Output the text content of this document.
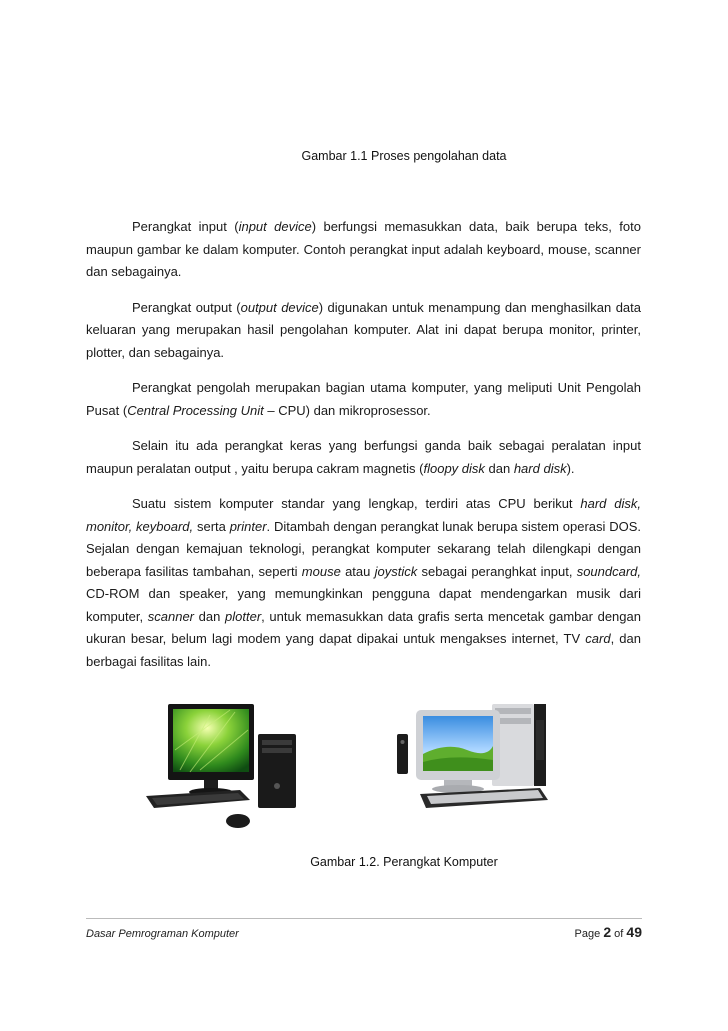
Gambar 1.1 Proses pengolahan data

Perangkat input (input device) berfungsi memasukkan data, baik berupa teks, foto maupun gambar ke dalam komputer. Contoh perangkat input adalah keyboard, mouse, scanner dan sebagainya.

Perangkat output (output device) digunakan untuk menampung dan menghasilkan data keluaran yang merupakan hasil pengolahan komputer. Alat ini dapat berupa monitor, printer, plotter, dan sebagainya.

Perangkat pengolah merupakan bagian utama komputer, yang meliputi Unit Pengolah Pusat (Central Processing Unit – CPU) dan mikroprosessor.

Selain itu ada perangkat keras yang berfungsi ganda baik sebagai peralatan input maupun peralatan output , yaitu berupa cakram magnetis (floopy disk dan hard disk).

Suatu sistem komputer standar yang lengkap, terdiri atas CPU berikut hard disk, monitor, keyboard, serta printer. Ditambah dengan perangkat lunak berupa sistem operasi DOS. Sejalan dengan kemajuan teknologi, perangkat komputer sekarang telah dilengkapi dengan beberapa fasilitas tambahan, seperti mouse atau joystick sebagai peranghkat input, soundcard, CD-ROM dan speaker, yang memungkinkan pengguna dapat mendengarkan musik dari komputer, scanner dan plotter, untuk memasukkan data grafis serta mencetak gambar dengan ukuran besar, belum lagi modem yang dapat dipakai untuk mengakses internet, TV card, dan berbagai fasilitas lain.

Gambar 1.2. Perangkat Komputer
Dasar Pemrograman Komputer	Page 2 of 49
